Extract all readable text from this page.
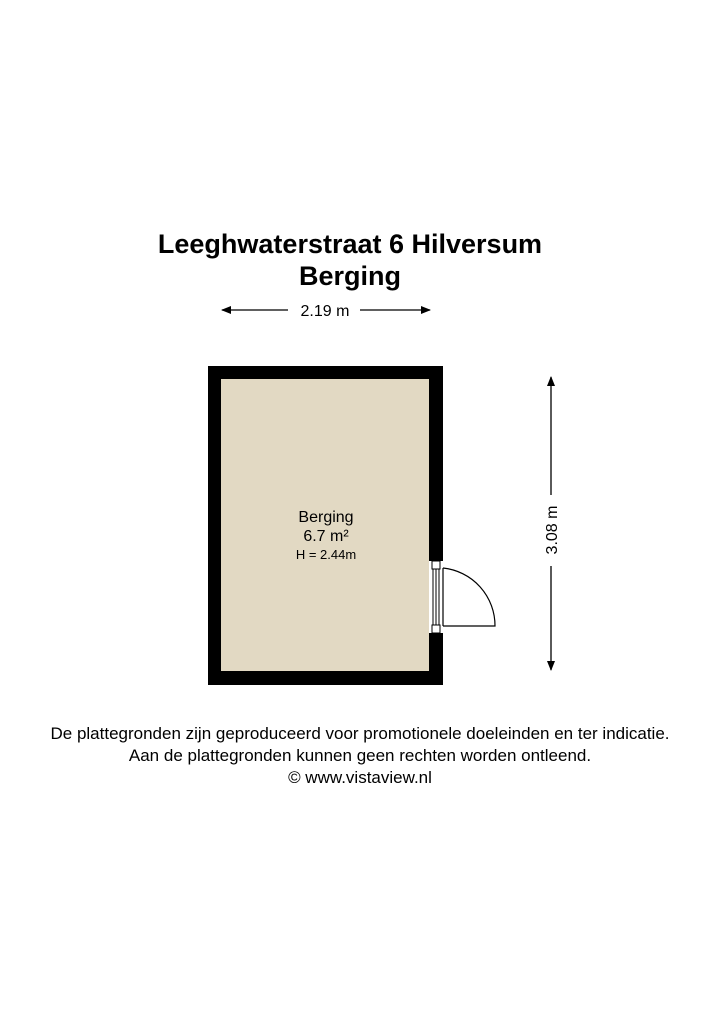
Leeghwaterstraat 6 Hilversum
Berging
2.19 m
3.08 m
Berging
6.7 m²
H = 2.44m
De plattegronden zijn geproduceerd voor promotionele doeleinden en ter indicatie.
Aan de plattegronden kunnen geen rechten worden ontleend.
© www.vistaview.nl
